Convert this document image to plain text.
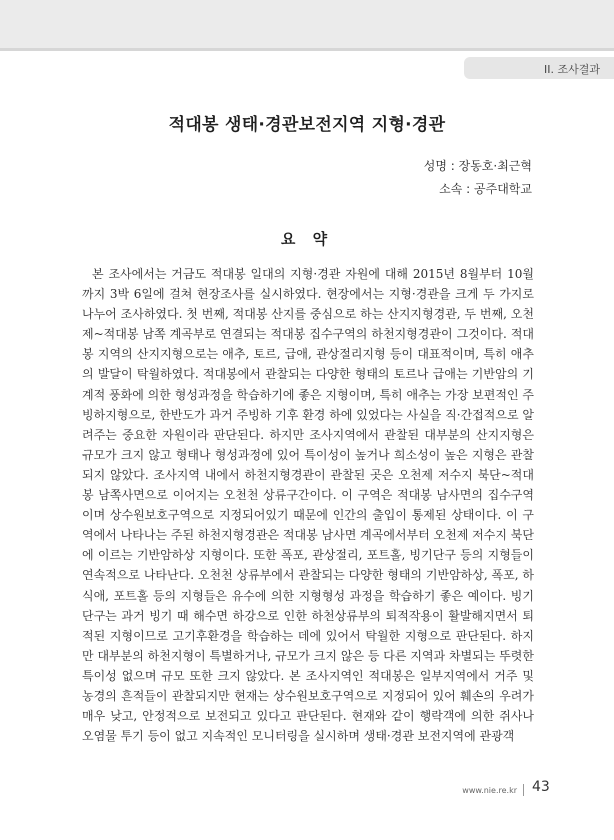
II. 조사결과
적대봉 생태·경관보전지역 지형·경관
성명 : 장동호·최근혁
소속 : 공주대학교
요 약

본 조사에서는 거금도 적대봉 일대의 지형·경관 자원에 대해 2015년 8월부터 10월까지 3박 6일에 걸쳐 현장조사를 실시하였다. 현장에서는 지형·경관을 크게 두 가지로 나누어 조사하였다. 첫 번째, 적대봉 산지를 중심으로 하는 산지지형경관, 두 번째, 오천제~적대봉 남쪽 계곡부로 연결되는 적대봉 집수구역의 하천지형경관이 그것이다. 적대봉 지역의 산지지형으로는 애추, 토르, 급애, 관상절리지형 등이 대표적이며, 특히 애추의 발달이 탁월하였다. 적대봉에서 관찰되는 다양한 형태의 토르나 급애는 기반암의 기계적 풍화에 의한 형성과정을 학습하기에 좋은 지형이며, 특히 애추는 가장 보편적인 주빙하지형으로, 한반도가 과거 주빙하 기후 환경 하에 있었다는 사실을 직·간접적으로 알려주는 중요한 자원이라 판단된다. 하지만 조사지역에서 관찰된 대부분의 산지지형은 규모가 크지 않고 형태나 형성과정에 있어 특이성이 높거나 희소성이 높은 지형은 관찰되지 않았다. 조사지역 내에서 하천지형경관이 관찰된 곳은 오천제 저수지 북단~적대봉 남쪽사면으로 이어지는 오천천 상류구간이다. 이 구역은 적대봉 남사면의 집수구역이며 상수원보호구역으로 지정되어있기 때문에 인간의 출입이 통제된 상태이다. 이 구역에서 나타나는 주된 하천지형경관은 적대봉 남사면 계곡에서부터 오천제 저수지 북단에 이르는 기반암하상 지형이다. 또한 폭포, 관상절리, 포트홀, 빙기단구 등의 지형들이 연속적으로 나타난다. 오천천 상류부에서 관찰되는 다양한 형태의 기반암하상, 폭포, 하식애, 포트홀 등의 지형들은 유수에 의한 지형형성 과정을 학습하기 좋은 예이다. 빙기단구는 과거 빙기 때 해수면 하강으로 인한 하천상류부의 퇴적작용이 활발해지면서 퇴적된 지형이므로 고기후환경을 학습하는 데에 있어서 탁월한 지형으로 판단된다. 하지만 대부분의 하천지형이 특별하거나, 규모가 크지 않은 등 다른 지역과 차별되는 뚜렷한 특이성 없으며 규모 또한 크지 않았다. 본 조사지역인 적대봉은 일부지역에서 거주 및 농경의 흔적들이 관찰되지만 현재는 상수원보호구역으로 지정되어 있어 훼손의 우려가 매우 낮고, 안정적으로 보전되고 있다고 판단된다. 현재와 같이 행락객에 의한 쥐사나 오염물 투기 등이 없고 지속적인 모니터링을 실시하며 생태·경관 보전지역에 관광객

www.nie.re.kr 43
